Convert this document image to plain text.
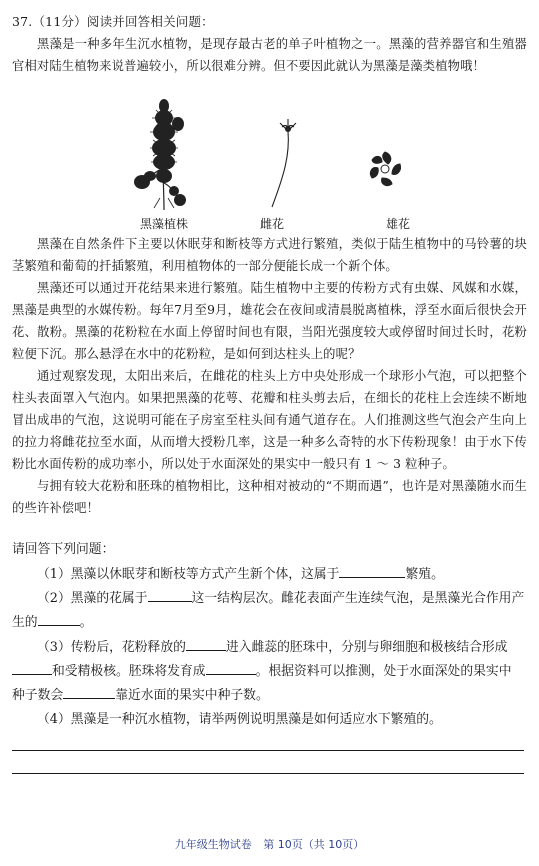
37.（11分）阅读并回答相关问题：

黑藻是一种多年生沉水植物，是现存最古老的单子叶植物之一。黑藻的营养器官和生殖器官相对陆生植物来说普遍较小，所以很难分辨。但不要因此就认为黑藻是藻类植物哦！

黑藻植株	雌花	雄花

黑藻在自然条件下主要以休眠芽和断枝等方式进行繁殖，类似于陆生植物中的马铃薯的块茎繁殖和葡萄的扦插繁殖，利用植物体的一部分便能长成一个新个体。

黑藻还可以通过开花结果来进行繁殖。陆生植物中主要的传粉方式有虫媒、风媒和水媒，黑藻是典型的水媒传粉。每年7月至9月，雄花会在夜间或清晨脱离植株，浮至水面后很快会开花、散粉。黑藻的花粉粒在水面上停留时间也有限，当阳光强度较大或停留时间过长时，花粉粒便下沉。那么悬浮在水中的花粉粒，是如何到达柱头上的呢？

通过观察发现，太阳出来后，在雌花的柱头上方中央处形成一个球形小气泡，可以把整个柱头表面罩入气泡内。如果把黑藻的花萼、花瓣和柱头剪去后，在细长的花柱上会连续不断地冒出成串的气泡，这说明可能在子房室至柱头间有通气道存在。人们推测这些气泡会产生向上的拉力将雌花拉至水面，从而增大授粉几率，这是一种多么奇特的水下传粉现象！由于水下传粉比水面传粉的成功率小，所以处于水面深处的果实中一般只有 1 ～ 3 粒种子。

与拥有较大花粉和胚珠的植物相比，这种相对被动的“不期而遇”，也许是对黑藻随水而生的些许补偿吧！

请回答下列问题：

（1）黑藻以休眠芽和断枝等方式产生新个体，这属于	繁殖。

（2）黑藻的花属于	这一结构层次。雌花表面产生连续气泡，是黑藻光合作用产

生的	。

（3）传粉后，花粉释放的	进入雌蕊的胚珠中，分别与卵细胞和极核结合形成

和受精极核。胚珠将发育成	。根据资料可以推测，处于水面深处的果实中

种子数会	靠近水面的果实中种子数。

（4）黑藻是一种沉水植物，请举两例说明黑藻是如何适应水下繁殖的。

九年级生物试卷 第 10页（共 10页）
